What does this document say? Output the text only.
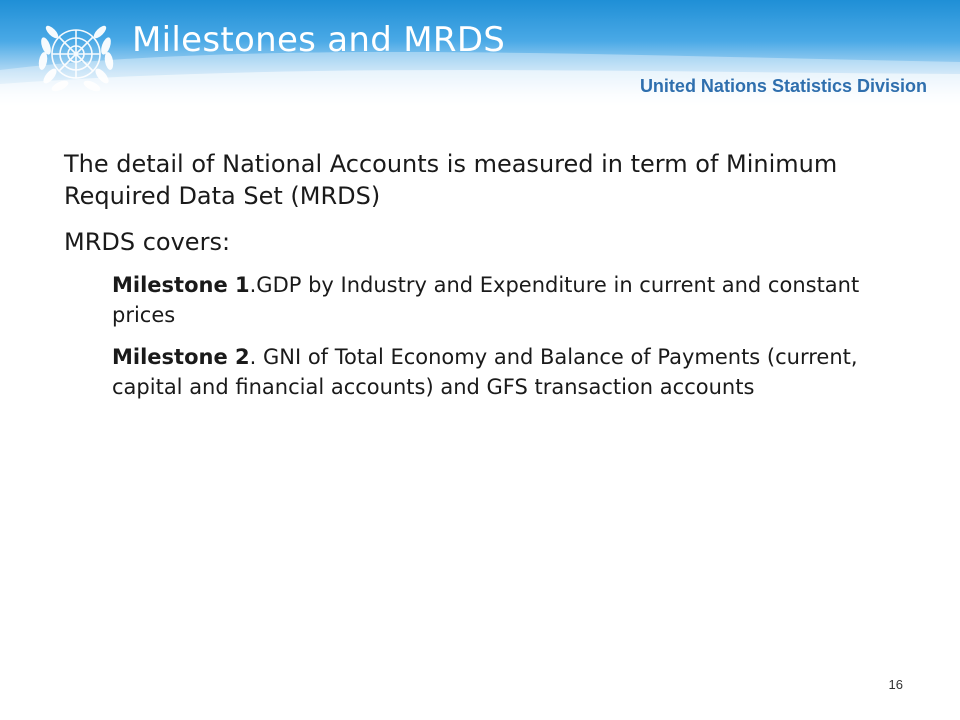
Milestones and MRDS
United Nations Statistics Division

The detail of National Accounts is measured in term of Minimum Required Data Set (MRDS)

MRDS covers:

Milestone 1.GDP by Industry and Expenditure in current and constant prices

Milestone 2. GNI of Total Economy and Balance of Payments (current, capital and financial accounts) and GFS transaction accounts

16
